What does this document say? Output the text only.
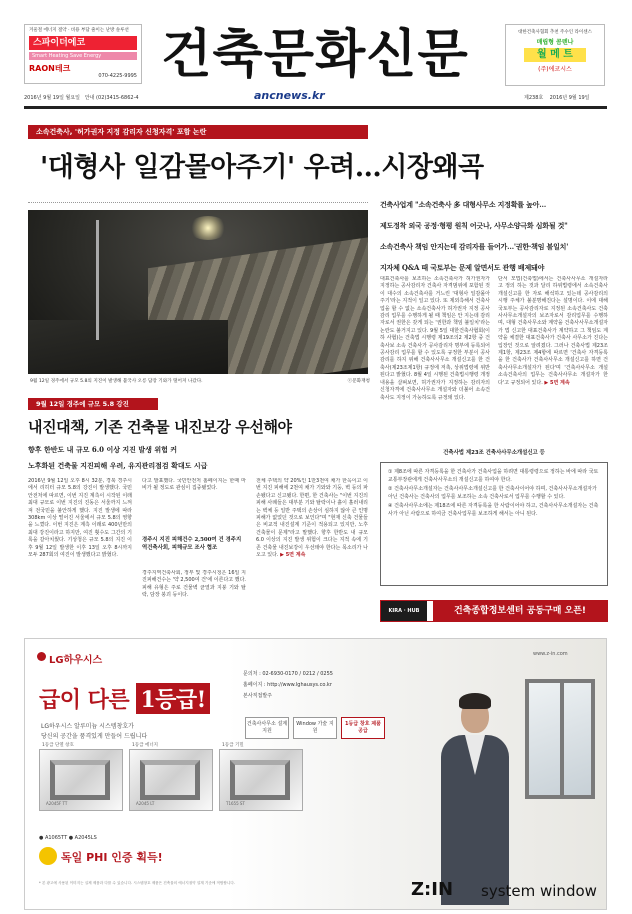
겨울철 에너지 절약 · 비용 부담 줄이는 난방 솔루션
스파이더에코
Smart Heating Save Energy
RAON테크
070-4225-9995 건축문화신문	대한건축사협회 추천 주수인 라이센스
매립형 콤텐나
월 메 트
(주)에코시스
2016년 9월 19일 월요일 안내 (02)3415-6862-4	ancnews.kr	제238호 2016년 9월 19일
소속건축사, '허가권자 지정 감리자 신청자격' 포함 논란
'대형사 일감몰아주기' 우려…시장왜곡
9월 12일 경주에서 규모 5.8의 지진이 발생해 불국사 오릉 담장 기와가 떨어져 나갔다.	ⓒ문화재청
건축사업계 "소속건축사 多 대형사무소 지정확률 높아…
제도정착 외국 공정·형평 원칙 어긋나, 사무소양극화 심화될 것"
소속건축사 책임 안지는데 감리자를 들어가…'권한·책임 불일치'
지자체 Q&A 때 국토부는 문제 알면서도 관행 배제돼야
대표건축사를 보조하는 소속건축사가 허가권자가 지정하는 공사감리자 건축사 자격범위에 포함된 것이 대수의 소속건축사를 거느린 '대형사 일감몰아주기'라는 지적이 일고 있다. 또 제외측해서 건축사업을 할 수 없는 소속건축사가 허가권자 지정 공사감리 업무를 수행하게 될 때 책임은 안 지는데 감리자로서 권한은 갖게 되는 '권한과 책임 불일치'라는 논란도 불거지고 있다. 9월 5일 대한건축사협회(이하 사협)는 건축법 시행령 제19조의2 제2항 중 건축사보 소속 건축사가 공사감리자 명부에 등록되어 공사감리 업무를 할 수 있도록 규정한 부분이 공사감리를 하지 위해 건축사사무소 개설신고를 한 건축사(제23조제1항) 규정에 저촉, 상위법령에 위반된다고 밝혔다. 8월 4일 시행된 건축법시행령 개정내용을 살펴보면, 허가권자가 지정하는 감리자의 신청자격에 건축사사무소 개설자와 더불어 소속건축사도 지정이 가능하도록 규정돼 있다.
단서 모법(건축법)에서는 건축사사무소 개설자라고 정의 하는 것과 달리 하위법령에서 소속건축사 개설신고를 한 자로 해석하고 있는데 공사감리의 시행 주체가 불분명해진다는 설명이다. 이에 대해 국토부는 공사감리자로 지정된 소속건축사도 건축사사무소개설자의 보조자로서 감리업무를 수행하며, 대형 건축사무소와 계약을 건축사사무소개설자가 법 신고한 대표건축사가 계약하고 그 책임도 계약을 체결한 대표건축사가 건축사 사무소가 진다는 입장인 것으로 알려졌다. 그러나 건축사법 제23조제1항, 제23조 제4항에 따르면 '건축사 자격등록을 한 건축사가 건축사사무소 개설신고를 하면 건축사사무소개설자가 된다'며 '건축사사무소 개설 소속건축사의 업무는 건축사사무소 개설자가 한다'고 규정되어 있다. ▶ 5면 계속
9월 12일 경주에 규모 5.8 강진
내진대책, 기존 건축물 내진보강 우선해야
향후 한반도 내 규모 6.0 이상 지진 발생 위험 커
노후화된 건축물 지진피해 우려, 유지관리점검 확대도 시급
2016년 9월 12일 오후 8시 32분, 경북 경주시에서 리히터 규모 5.8의 강진이 발생했다. 국민안전처에 따르면, 이번 지진 계측이 시작된 이래 최대 규모로 이번 지진의 진동은 서울까지 느껴져 전국민을 불안하게 했다. 지진 발생에 따라 308km 이상 떨어진 서울에서 규모 5.8의 영향을 느꼈다. 이번 지진은 계측 이래로 400년만의 최대 강진이라고 하지만, 여진 횟수도 그간의 기록을 갈아치웠다. 기상청은 규모 5.8의 지진 이후 9월 12일 발생한 이후 13일 오후 8시까지 모두 287회의 여진이 발생했다고 밝혔다.
다고 발표했다. 국민안전처 홈페이지는 한때 마비가 될 정도로 관심이 집중됐었다.
경주시 지진 피해건수 2,500여 건 경주지역건축사회, 피해규모 조사 협조
경주지역건축사회, 정부 및 경주시청은 16일 지진피해건수는 '약 2,500여 건'에 이른다고 했다. 피해 유형은 주로 건물벽 균열과 지붕 기와 탈락, 담장 붕괴 등이다.
전체 주택의 약 20%인 1만3천여 채가 한옥이고 이번 지진 피해에 2천여 채가 기와와 기둥, 벽 등의 파손됐다고 신고됐다. 한편, 한 건축사는 "이번 지진의 피해 사례들은 대부분 기와 탈락이나 흙이 흘러내리는 벽체 등 일반 주택의 손상이 심하지 않아 큰 인명 피해가 없었던 것으로 보인다"며 "현재 신축 건물들은 비교적 내진설계 기준이 적용되고 있지만, 노후 건축물이 문제"라고 말했다. 향후 한반도 내 규모 6.0 이상의 지진 발생 위험이 크다는 지적 속에 기존 건축물 내진보강이 우선돼야 한다는 목소리가 나오고 있다. ▶ 5면 계속
건축사법 제23조 건축사사무소개설신고 등

① 제8조에 따른 자격등록을 한 건축사가 건축사업을 하려면 대통령령으로 정하는 바에 따라 국토교통부장관에게 건축사사무소의 개설신고를 하여야 한다.

② 건축사사무소개설자는 건축사사무소개설신고를 한 건축사이어야 하며, 건축사사무소개설자가 아닌 건축사는 건축사의 업무를 보조하는 소속 건축사로서 업무를 수행할 수 있다.

④ 건축사사무소에는 제18조에 따른 자격등록을 한 사람이어야 하고, 건축사사무소개설자는 건축사가 아닌 사람으로 하여금 건축사업무를 보조하게 해서는 아니 된다.

KIRA · HUB	건축종합정보센터 공동구매 오픈!
LG하우시스
급이 다른 1등급!
LG하우시스 알루미늄 시스템창호가
당신의 공간을 품격있게 만들어 드립니다
문의처 : 02-6930-0170 / 0212 / 0255
홈페이지 : http://www.lghausys.co.kr
본사직접발주
건축사사무소 설계 지원
Window 가술 지원
1등급 창호 제품 공급
1등급 단열 창호
A2045F TT
1등급 에너지
A2045 LT
1등급 기밀
T1655 ST
● A1065TT ● A2045LS
독일 PHI 인증 획득!
* 본 광고에 사용된 이미지는 실제 제품과 다를 수 있습니다. 시스템창호 제품은 건축물의 에너지절약 설계 기준에 적합합니다.
www.z-in.com
Z:IN system window
